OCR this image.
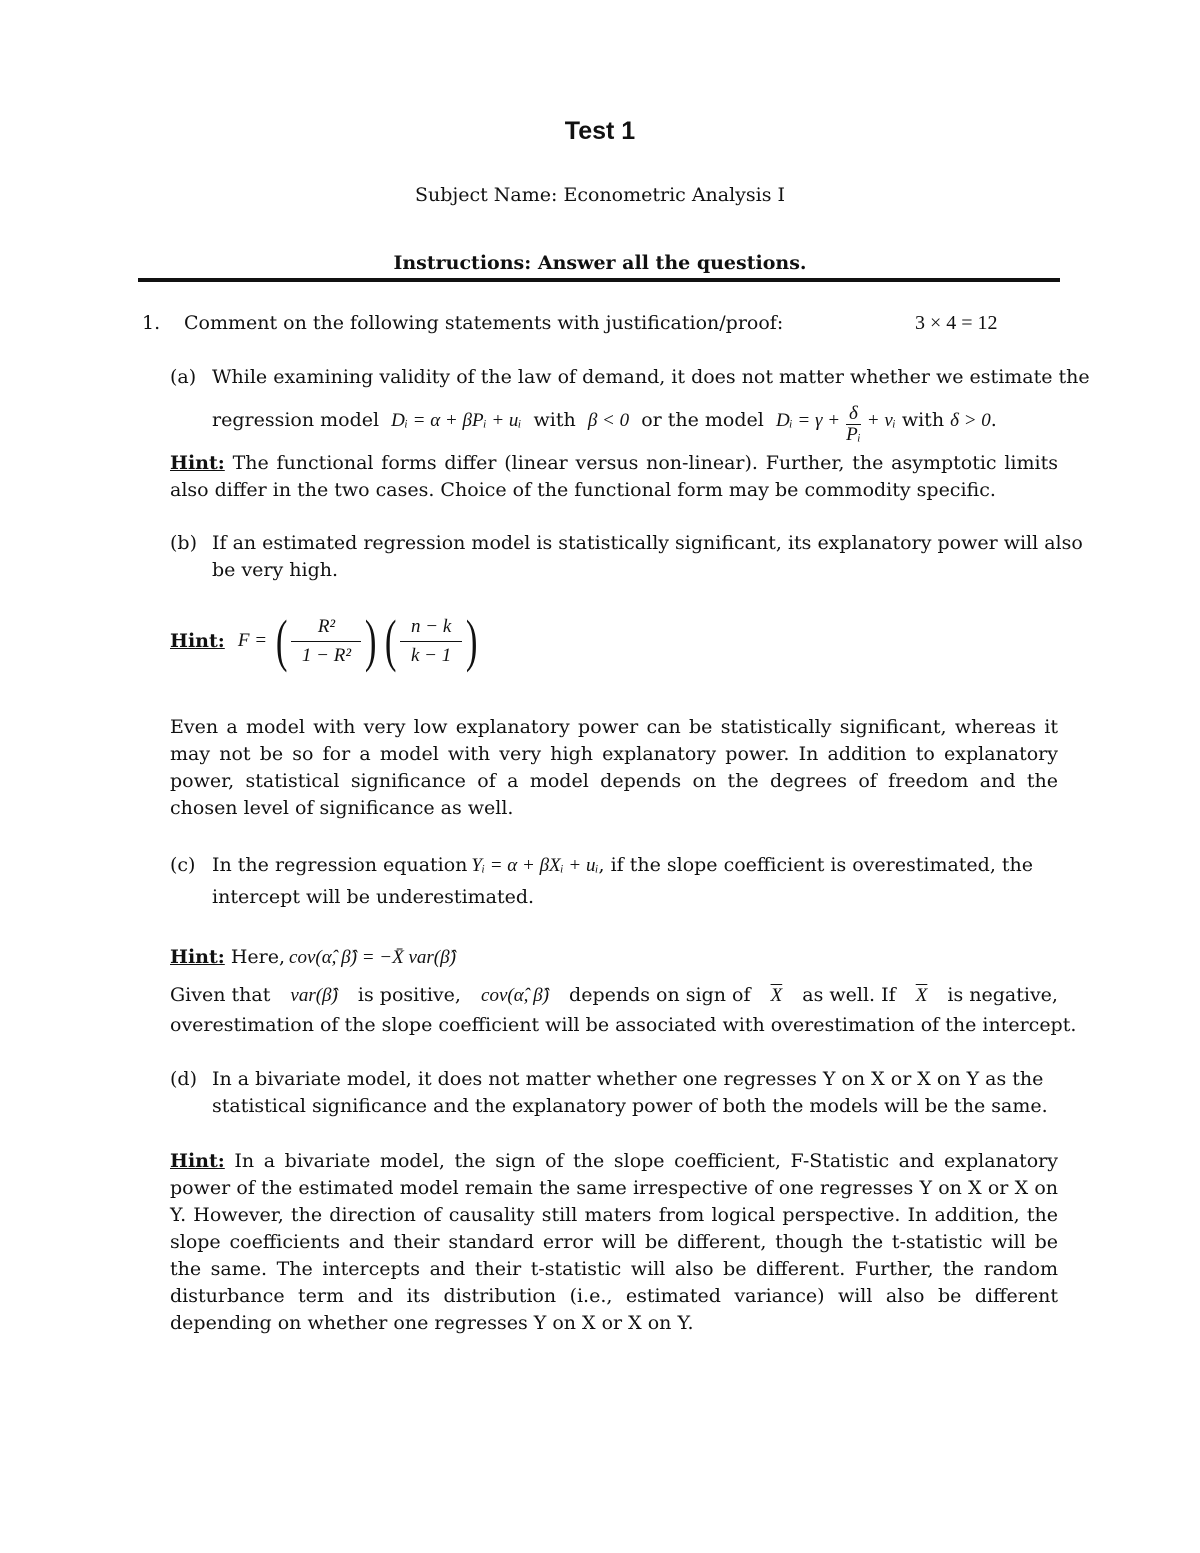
Test 1
Subject Name: Econometric Analysis I
Instructions: Answer all the questions.
1. Comment on the following statements with justification/proof:	3 × 4 = 12
(a) While examining validity of the law of demand, it does not matter whether we estimate the
regression model Dᵢ = α + βPᵢ + uᵢ with β < 0 or the model Dᵢ = $\gamma + \frac{\delta}{\text{Pᵢ}}$ + vᵢ with δ > 0.
Hint: The functional forms differ (linear versus non-linear). Further, the asymptotic limits also differ in the two cases. Choice of the functional form may be commodity specific.
(b) If an estimated regression model is statistically significant, its explanatory power will also
be very high.
Hint: F = ( $\frac{\text{R²}}{\text{1 − R²}}$ ) ( $\frac{n - k}{k - 1}$ )
Even a model with very low explanatory power can be statistically significant, whereas it may not be so for a model with very high explanatory power. In addition to explanatory power, statistical significance of a model depends on the degrees of freedom and the chosen level of significance as well.
(c) In the regression equation Yᵢ = α + βXᵢ + uᵢ, if the slope coefficient is overestimated, the
intercept will be underestimated.
Hint: Here, cov(α̂, β̂) = −X̄ var(β̂)
Given that var(β̂) is positive, cov(α̂, β̂) depends on sign of $\overline{X}$ as well. If $\overline{X}$ is negative,
overestimation of the slope coefficient will be associated with overestimation of the intercept.
(d) In a bivariate model, it does not matter whether one regresses Y on X or X on Y as the
statistical significance and the explanatory power of both the models will be the same.
Hint: In a bivariate model, the sign of the slope coefficient, F-Statistic and explanatory power of the estimated model remain the same irrespective of one regresses Y on X or X on Y. However, the direction of causality still maters from logical perspective. In addition, the slope coefficients and their standard error will be different, though the t-statistic will be the same. The intercepts and their t-statistic will also be different. Further, the random disturbance term and its distribution (i.e., estimated variance) will also be different depending on whether one regresses Y on X or X on Y.
